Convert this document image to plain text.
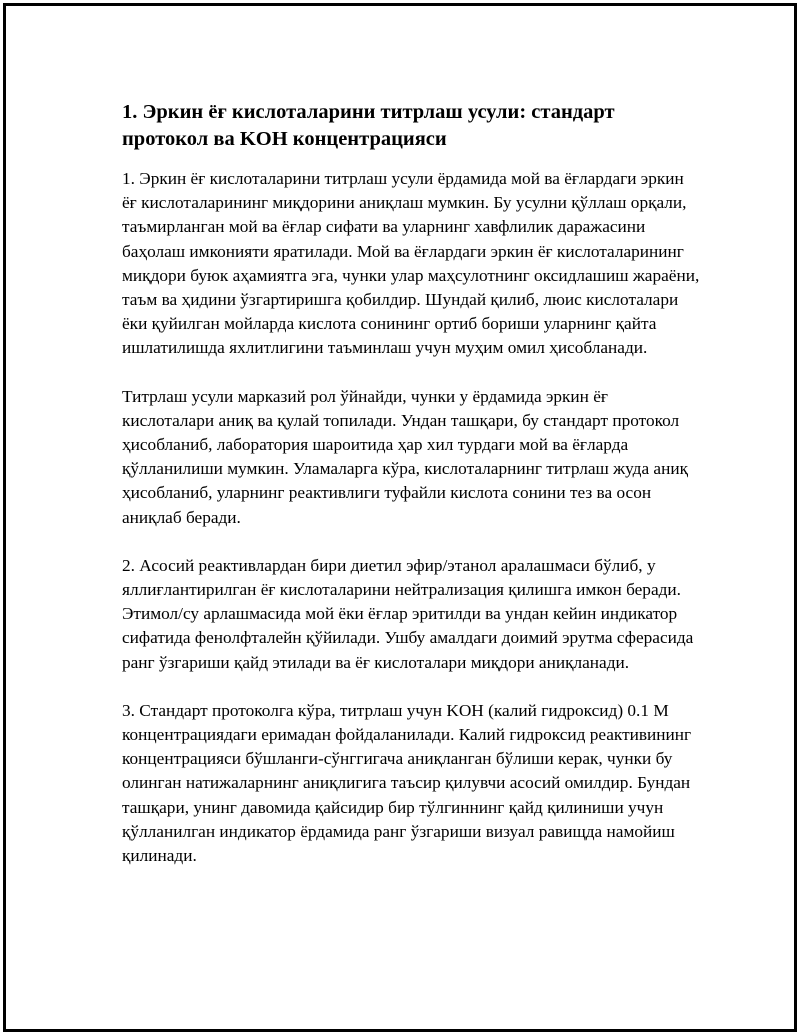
1. Эркин ёғ кислоталарини титрлаш усули: стандарт протокол ва KOH концентрацияси

1. Эркин ёғ кислоталарини титрлаш усули ёрдамида мой ва ёғлардаги эркин ёғ кислоталарининг миқдорини аниқлаш мумкин. Бу усулни қўллаш орқали, таъмирланган мой ва ёғлар сифати ва уларнинг хавфлилик даражасини баҳолаш имконияти яратилади. Мой ва ёғлардаги эркин ёғ кислоталарининг миқдори буюк аҳамиятга эга, чунки улар маҳсулотнинг оксидлашиш жараёни, таъм ва ҳидини ўзгартиришга қобилдир. Шундай қилиб, люис кислоталари ёки қуйилган мойларда кислота сонининг ортиб бориши уларнинг қайта ишлатилишда яхлитлигини таъминлаш учун муҳим омил ҳисобланади.

Титрлаш усули марказий рол ўйнайди, чунки у ёрдамида эркин ёғ кислоталари аниқ ва қулай топилади. Ундан ташқари, бу стандарт протокол ҳисобланиб, лаборатория шароитида ҳар хил турдаги мой ва ёғларда қўлланилиши мумкин. Уламаларга кўра, кислоталарнинг титрлаш жуда аниқ ҳисобланиб, уларнинг реактивлиги туфайли кислота сонини тез ва осон аниқлаб беради.

2. Асосий реактивлардан бири диетил эфир/этанол аралашмаси бўлиб, у яллиғлантирилган ёғ кислоталарини нейтрализация қилишга имкон беради. Этимол/су арлашмасида мой ёки ёғлар эритилди ва ундан кейин индикатор сифатида фенолфталейн қўйилади. Ушбу амалдаги доимий эрутма сферасида ранг ўзгариши қайд этилади ва ёғ кислоталари миқдори аниқланади.

3. Стандарт протоколга кўра, титрлаш учун KOH (калий гидроксид) 0.1 M концентрациядаги еримадан фойдаланилади. Калий гидроксид реактивининг концентрацияси бўшланги-сўнггигача аниқланган бўлиши керак, чунки бу олинган натижаларнинг аниқлигига таъсир қилувчи асосий омилдир. Бундан ташқари, унинг давомида қайсидир бир тўлгиннинг қайд қилиниши учун қўлланилган индикатор ёрдамида ранг ўзгариши визуал равищда намойиш қилинади.
